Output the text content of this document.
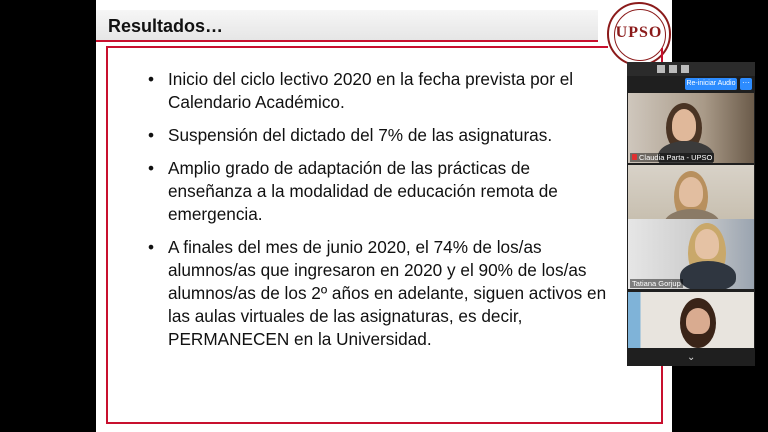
Resultados…	UPSO
• Inicio del ciclo lectivo 2020 en la fecha prevista por el Calendario Académico.
• Suspensión del dictado del 7% de las asignaturas.
• Amplio grado de adaptación de las prácticas de enseñanza a la modalidad de educación remota de emergencia.
• A finales del mes de junio 2020, el 74% de los/as alumnos/as que ingresaron en 2020 y el 90% de los/as alumnos/as de los 2º años en adelante, siguen activos en las aulas virtuales de las asignaturas, es decir, PERMANECEN en la Universidad.
Re-iniciar Audio ···
Claudia Parta - UPSO
Tatiana Gorjup
⌄
